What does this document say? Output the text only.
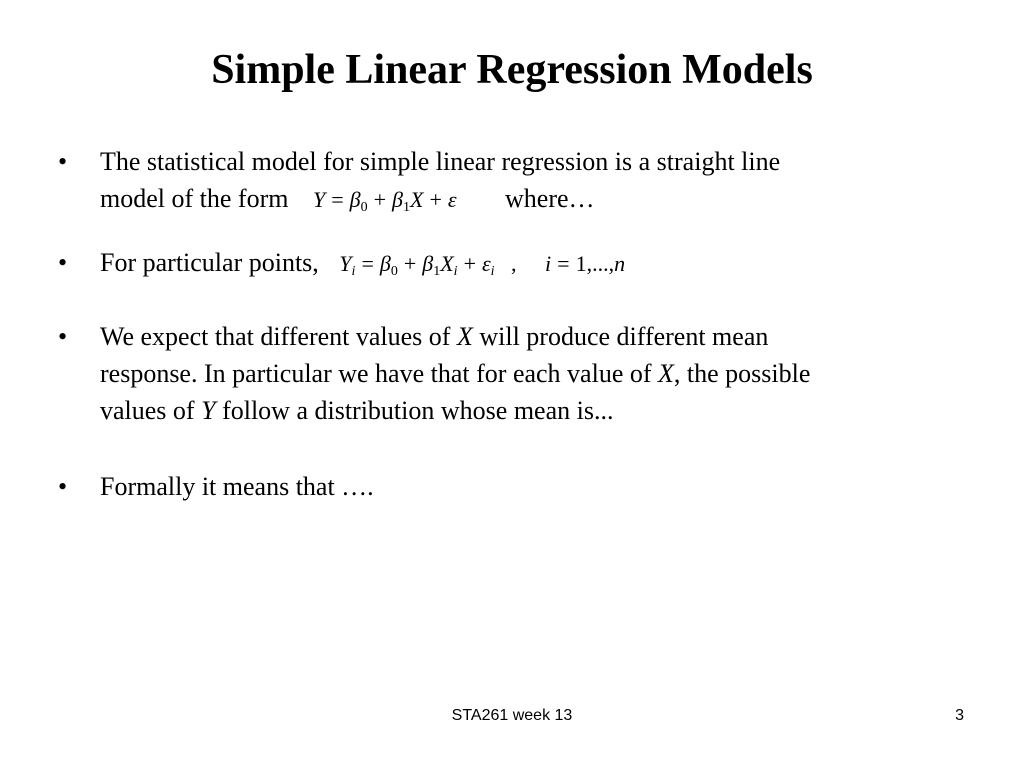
Simple Linear Regression Models
•	The statistical model for simple linear regression is a straight line
model of the form $Y = \beta_0 + \beta_1X + \varepsilon$ where…
•	For particular points, $Y_i = \beta_0 + \beta_1X_i + \varepsilon_i$ , i = 1,...,n
•	We expect that different values of X will produce different mean
response. In particular we have that for each value of X, the possible
values of Y follow a distribution whose mean is...
•	Formally it means that ….
STA261 week 13	3
